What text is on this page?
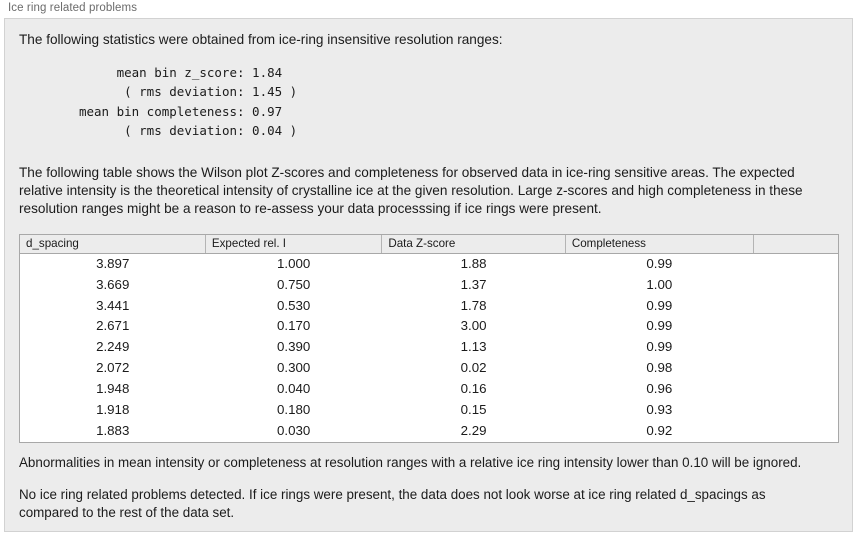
Ice ring related problems

The following statistics were obtained from ice-ring insensitive resolution ranges:

mean bin z_score: 1.84
( rms deviation: 1.45 )
mean bin completeness: 0.97
( rms deviation: 0.04 )

The following table shows the Wilson plot Z-scores and completeness for observed data in ice-ring sensitive areas. The expected relative intensity is the theoretical intensity of crystalline ice at the given resolution. Large z-scores and high completeness in these resolution ranges might be a reason to re-assess your data processsing if ice rings were present.

d_spacing	Expected rel. I	Data Z-score	Completeness	
3.897	1.000	1.88	0.99	
3.669	0.750	1.37	1.00	
3.441	0.530	1.78	0.99	
2.671	0.170	3.00	0.99	
2.249	0.390	1.13	0.99	
2.072	0.300	0.02	0.98	
1.948	0.040	0.16	0.96	
1.918	0.180	0.15	0.93	
1.883	0.030	2.29	0.92	

Abnormalities in mean intensity or completeness at resolution ranges with a relative ice ring intensity lower than 0.10 will be ignored.

No ice ring related problems detected. If ice rings were present, the data does not look worse at ice ring related d_spacings as compared to the rest of the data set.
